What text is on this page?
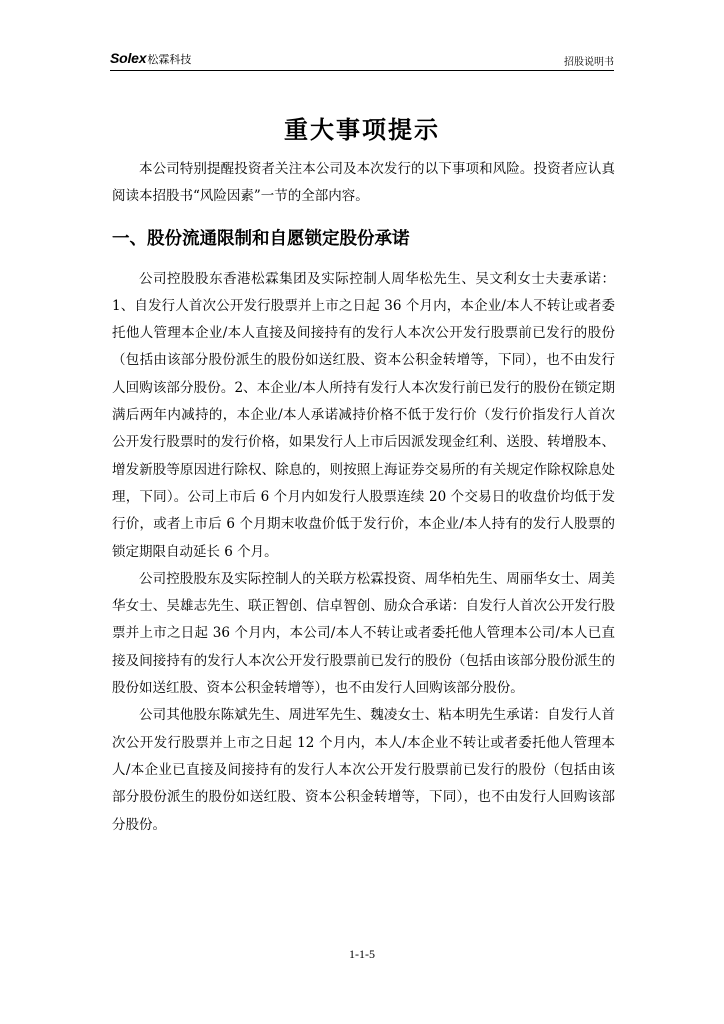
Solex 松霖科技	招股说明书
重大事项提示

本公司特别提醒投资者关注本公司及本次发行的以下事项和风险。投资者应认真阅读本招股书“风险因素”一节的全部内容。

一、股份流通限制和自愿锁定股份承诺

公司控股股东香港松霖集团及实际控制人周华松先生、吴文利女士夫妻承诺：1、自发行人首次公开发行股票并上市之日起 36 个月内，本企业/本人不转让或者委托他人管理本企业/本人直接及间接持有的发行人本次公开发行股票前已发行的股份（包括由该部分股份派生的股份如送红股、资本公积金转增等，下同），也不由发行人回购该部分股份。2、本企业/本人所持有发行人本次发行前已发行的股份在锁定期满后两年内减持的，本企业/本人承诺减持价格不低于发行价（发行价指发行人首次公开发行股票时的发行价格，如果发行人上市后因派发现金红利、送股、转增股本、增发新股等原因进行除权、除息的，则按照上海证券交易所的有关规定作除权除息处理，下同）。公司上市后 6 个月内如发行人股票连续 20 个交易日的收盘价均低于发行价，或者上市后 6 个月期末收盘价低于发行价，本企业/本人持有的发行人股票的锁定期限自动延长 6 个月。

公司控股股东及实际控制人的关联方松霖投资、周华柏先生、周丽华女士、周美华女士、吴雄志先生、联正智创、信卓智创、励众合承诺：自发行人首次公开发行股票并上市之日起 36 个月内，本公司/本人不转让或者委托他人管理本公司/本人已直接及间接持有的发行人本次公开发行股票前已发行的股份（包括由该部分股份派生的股份如送红股、资本公积金转增等），也不由发行人回购该部分股份。

公司其他股东陈斌先生、周进军先生、魏凌女士、粘本明先生承诺：自发行人首次公开发行股票并上市之日起 12 个月内，本人/本企业不转让或者委托他人管理本人/本企业已直接及间接持有的发行人本次公开发行股票前已发行的股份（包括由该部分股份派生的股份如送红股、资本公积金转增等，下同），也不由发行人回购该部分股份。

1-1-5
